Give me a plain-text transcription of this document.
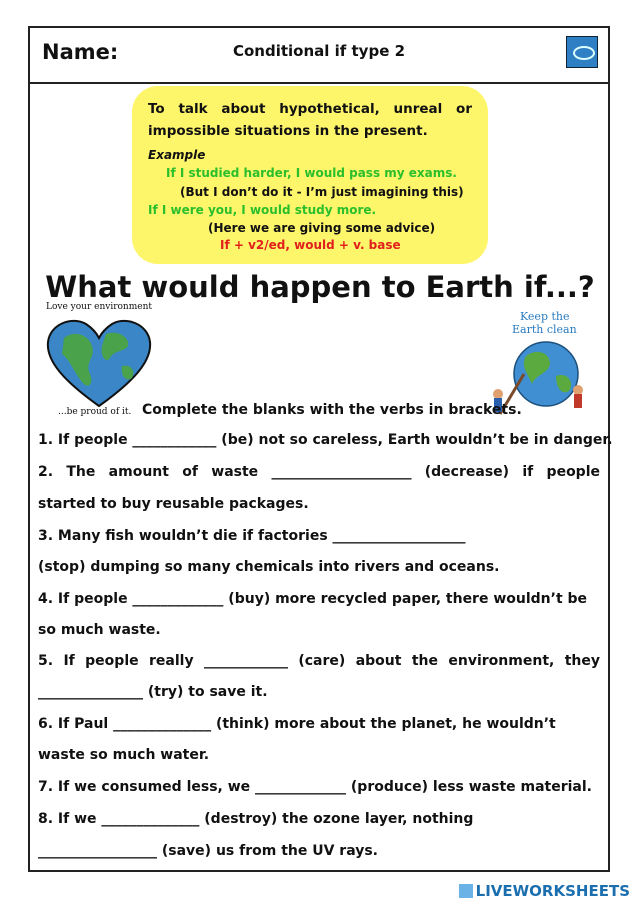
Name:	Conditional if type 2
To talk about hypothetical, unreal or impossible situations in the present.
Example
If I studied harder, I would pass my exams.
(But I don’t do it - I’m just imagining this)
If I were you, I would study more.
(Here we are giving some advice)
If + v2/ed, would + v. base
What would happen to Earth if...?
Love your environment
...be proud of it.
Keep the
Earth clean
Complete the blanks with the verbs in brackets.
1. If people ____________ (be) not so careless, Earth wouldn’t be in danger.
2. The amount of waste ____________________ (decrease) if people
started to buy reusable packages.
3. Many fish wouldn’t die if factories ___________________
(stop) dumping so many chemicals into rivers and oceans.
4. If people _____________ (buy) more recycled paper, there wouldn’t be
so much waste.
5. If people really ____________ (care) about the environment, they
_______________ (try) to save it.
6. If Paul ______________ (think) more about the planet, he wouldn’t
waste so much water.
7. If we consumed less, we _____________ (produce) less waste material.
8. If we ______________ (destroy) the ozone layer, nothing
_________________ (save) us from the UV rays.
LIVEWORKSHEETS
